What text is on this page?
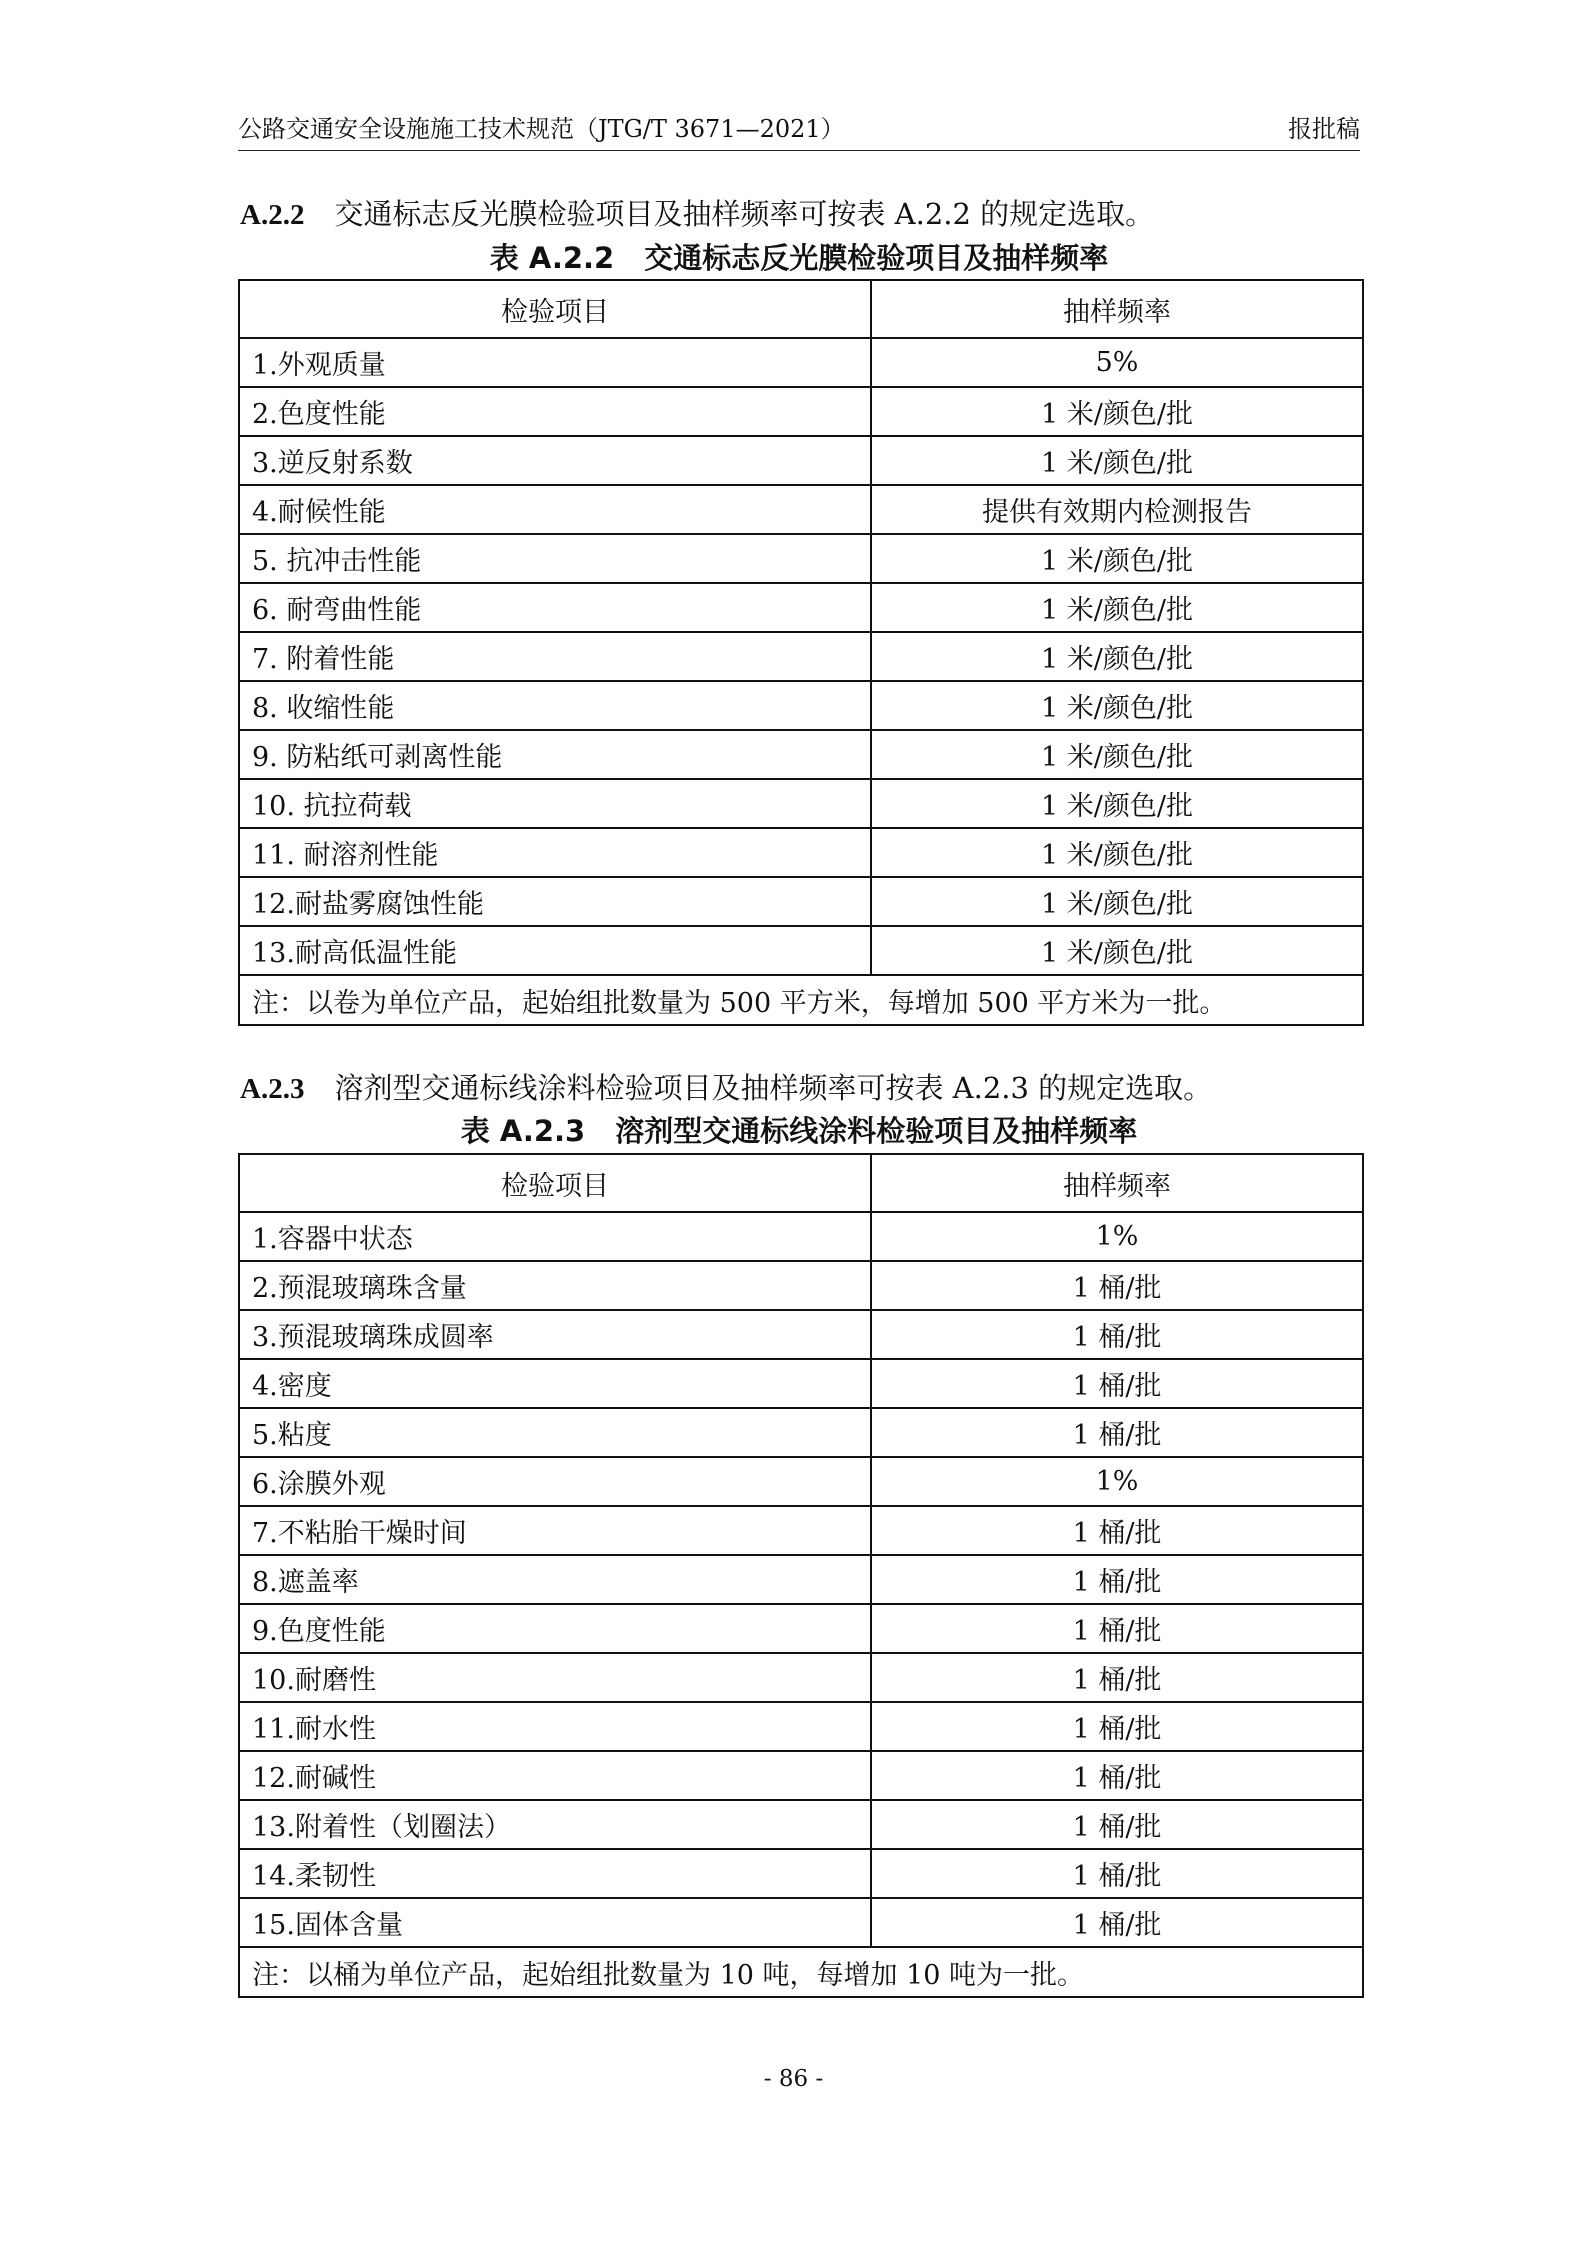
公路交通安全设施施工技术规范（JTG/T 3671—2021）	报批稿
A.2.2 交通标志反光膜检验项目及抽样频率可按表 A.2.2 的规定选取。
表 A.2.2 交通标志反光膜检验项目及抽样频率
检验项目	抽样频率
1.外观质量	5%
2.色度性能	1 米/颜色/批
3.逆反射系数	1 米/颜色/批
4.耐候性能	提供有效期内检测报告
5. 抗冲击性能	1 米/颜色/批
6. 耐弯曲性能	1 米/颜色/批
7. 附着性能	1 米/颜色/批
8. 收缩性能	1 米/颜色/批
9. 防粘纸可剥离性能	1 米/颜色/批
10. 抗拉荷载	1 米/颜色/批
11. 耐溶剂性能	1 米/颜色/批
12.耐盐雾腐蚀性能	1 米/颜色/批
13.耐高低温性能	1 米/颜色/批
注：以卷为单位产品，起始组批数量为 500 平方米，每增加 500 平方米为一批。	
A.2.3 溶剂型交通标线涂料检验项目及抽样频率可按表 A.2.3 的规定选取。
表 A.2.3 溶剂型交通标线涂料检验项目及抽样频率
检验项目	抽样频率
1.容器中状态	1%
2.预混玻璃珠含量	1 桶/批
3.预混玻璃珠成圆率	1 桶/批
4.密度	1 桶/批
5.粘度	1 桶/批
6.涂膜外观	1%
7.不粘胎干燥时间	1 桶/批
8.遮盖率	1 桶/批
9.色度性能	1 桶/批
10.耐磨性	1 桶/批
11.耐水性	1 桶/批
12.耐碱性	1 桶/批
13.附着性（划圈法）	1 桶/批
14.柔韧性	1 桶/批
15.固体含量	1 桶/批
注：以桶为单位产品，起始组批数量为 10 吨，每增加 10 吨为一批。	
- 86 -
